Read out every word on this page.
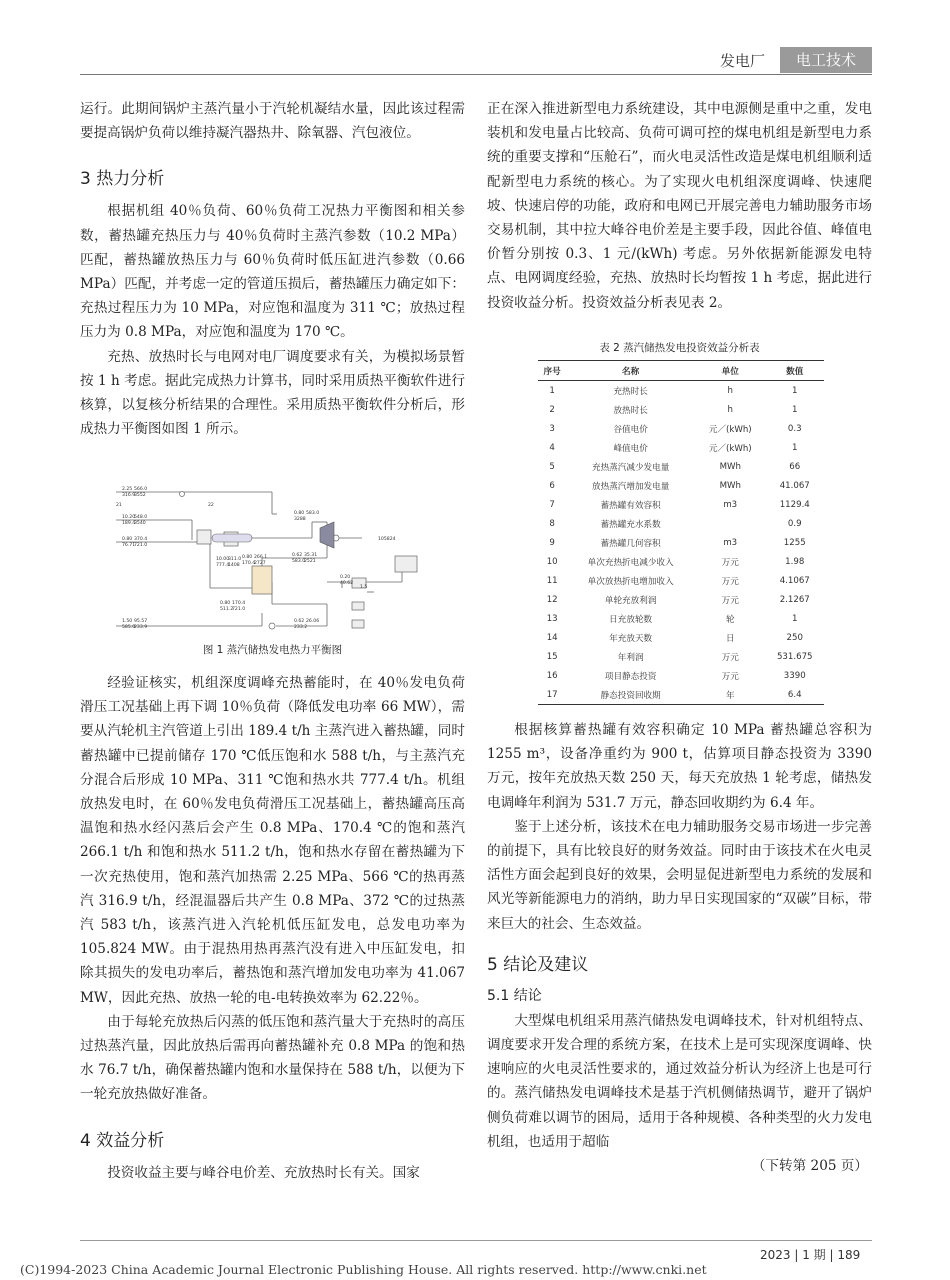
发电厂	电工技术

运行。此期间锅炉主蒸汽量小于汽轮机凝结水量，因此该过程需要提高锅炉负荷以维持凝汽器热井、除氧器、汽包液位。

3 热力分析

根据机组 40％负荷、60％负荷工况热力平衡图和相关参数，蓄热罐充热压力与 40％负荷时主蒸汽参数（10.2 MPa）匹配，蓄热罐放热压力与 60％负荷时低压缸进汽参数（0.66 MPa）匹配，并考虑一定的管道压损后，蓄热罐压力确定如下：充热过程压力为 10 MPa，对应饱和温度为 311 ℃；放热过程压力为 0.8 MPa，对应饱和温度为 170 ℃。

充热、放热时长与电网对电厂调度要求有关，为模拟场景暂按 1 h 考虑。据此完成热力计算书，同时采用质热平衡软件进行核算，以复核分析结果的合理性。采用质热平衡软件分析后，形成热力平衡图如图 1 所示。

2.25 566.0
316.9
3552
21	22
10.20
548.0
189.4
3540
0.80 370.4
76.71
721.0
0.80 583.0
3288
10.00
311.0
777.4
1408
0.80
170.4
266.1
2727
105824
0.80 170.4
511.2
721.0
1.50 95.57
585.0
233.9
0.62 35.31
583.0
2521
0.20
40.62
1.5
0.62 26.06
233.2
图 1 蒸汽储热发电热力平衡图

经验证核实，机组深度调峰充热蓄能时，在 40％发电负荷滑压工况基础上再下调 10％负荷（降低发电功率 66 MW），需要从汽轮机主汽管道上引出 189.4 t/h 主蒸汽进入蓄热罐，同时蓄热罐中已提前储存 170 ℃低压饱和水 588 t/h，与主蒸汽充分混合后形成 10 MPa、311 ℃饱和热水共 777.4 t/h。机组放热发电时，在 60％发电负荷滑压工况基础上，蓄热罐高压高温饱和热水经闪蒸后会产生 0.8 MPa、170.4 ℃的饱和蒸汽 266.1 t/h 和饱和热水 511.2 t/h，饱和热水存留在蓄热罐为下一次充热使用，饱和蒸汽加热需 2.25 MPa、566 ℃的热再蒸汽 316.9 t/h，经混温器后共产生 0.8 MPa、372 ℃的过热蒸汽 583 t/h，该蒸汽进入汽轮机低压缸发电，总发电功率为 105.824 MW。由于混热用热再蒸汽没有进入中压缸发电，扣除其损失的发电功率后，蓄热饱和蒸汽增加发电功率为 41.067 MW，因此充热、放热一轮的电-电转换效率为 62.22％。

由于每轮充放热后闪蒸的低压饱和蒸汽量大于充热时的高压过热蒸汽量，因此放热后需再向蓄热罐补充 0.8 MPa 的饱和热水 76.7 t/h，确保蓄热罐内饱和水量保持在 588 t/h，以便为下一轮充放热做好准备。

4 效益分析

投资收益主要与峰谷电价差、充放热时长有关。国家

正在深入推进新型电力系统建设，其中电源侧是重中之重，发电装机和发电量占比较高、负荷可调可控的煤电机组是新型电力系统的重要支撑和“压舱石”，而火电灵活性改造是煤电机组顺利适配新型电力系统的核心。为了实现火电机组深度调峰、快速爬坡、快速启停的功能，政府和电网已开展完善电力辅助服务市场交易机制，其中拉大峰谷电价差是主要手段，因此谷值、峰值电价暂分别按 0.3、1 元/(kWh) 考虑。另外依据新能源发电特点、电网调度经验，充热、放热时长均暂按 1 h 考虑，据此进行投资收益分析。投资效益分析表见表 2。

表 2 蒸汽储热发电投资效益分析表
序号	名称	单位	数值
1	充热时长	h	1
2	放热时长	h	1
3	谷值电价	元／(kWh)	0.3
4	峰值电价	元／(kWh)	1
5	充热蒸汽减少发电量	MWh	66
6	放热蒸汽增加发电量	MWh	41.067
7	蓄热罐有效容积	m3	1129.4
8	蓄热罐充水系数		0.9
9	蓄热罐几何容积	m3	1255
10	单次充热折电减少收入	万元	1.98
11	单次放热折电增加收入	万元	4.1067
12	单轮充放利润	万元	2.1267
13	日充放轮数	轮	1
14	年充放天数	日	250
15	年利润	万元	531.675
16	项目静态投资	万元	3390
17	静态投资回收期	年	6.4

根据核算蓄热罐有效容积确定 10 MPa 蓄热罐总容积为 1255 m³，设备净重约为 900 t，估算项目静态投资为 3390 万元，按年充放热天数 250 天，每天充放热 1 轮考虑，储热发电调峰年利润为 531.7 万元，静态回收期约为 6.4 年。

鉴于上述分析，该技术在电力辅助服务交易市场进一步完善的前提下，具有比较良好的财务效益。同时由于该技术在火电灵活性方面会起到良好的效果，会明显促进新型电力系统的发展和风光等新能源电力的消纳，助力早日实现国家的“双碳”目标，带来巨大的社会、生态效益。

5 结论及建议

5.1 结论

大型煤电机组采用蒸汽储热发电调峰技术，针对机组特点、调度要求开发合理的系统方案，在技术上是可实现深度调峰、快速响应的火电灵活性要求的，通过效益分析认为经济上也是可行的。蒸汽储热发电调峰技术是基于汽机侧储热调节，避开了锅炉侧负荷难以调节的困局，适用于各种规模、各种类型的火力发电机组，也适用于超临

（下转第 205 页）

2023 | 1 期 | 189
(C)1994-2023 China Academic Journal Electronic Publishing House. All rights reserved. http://www.cnki.net
